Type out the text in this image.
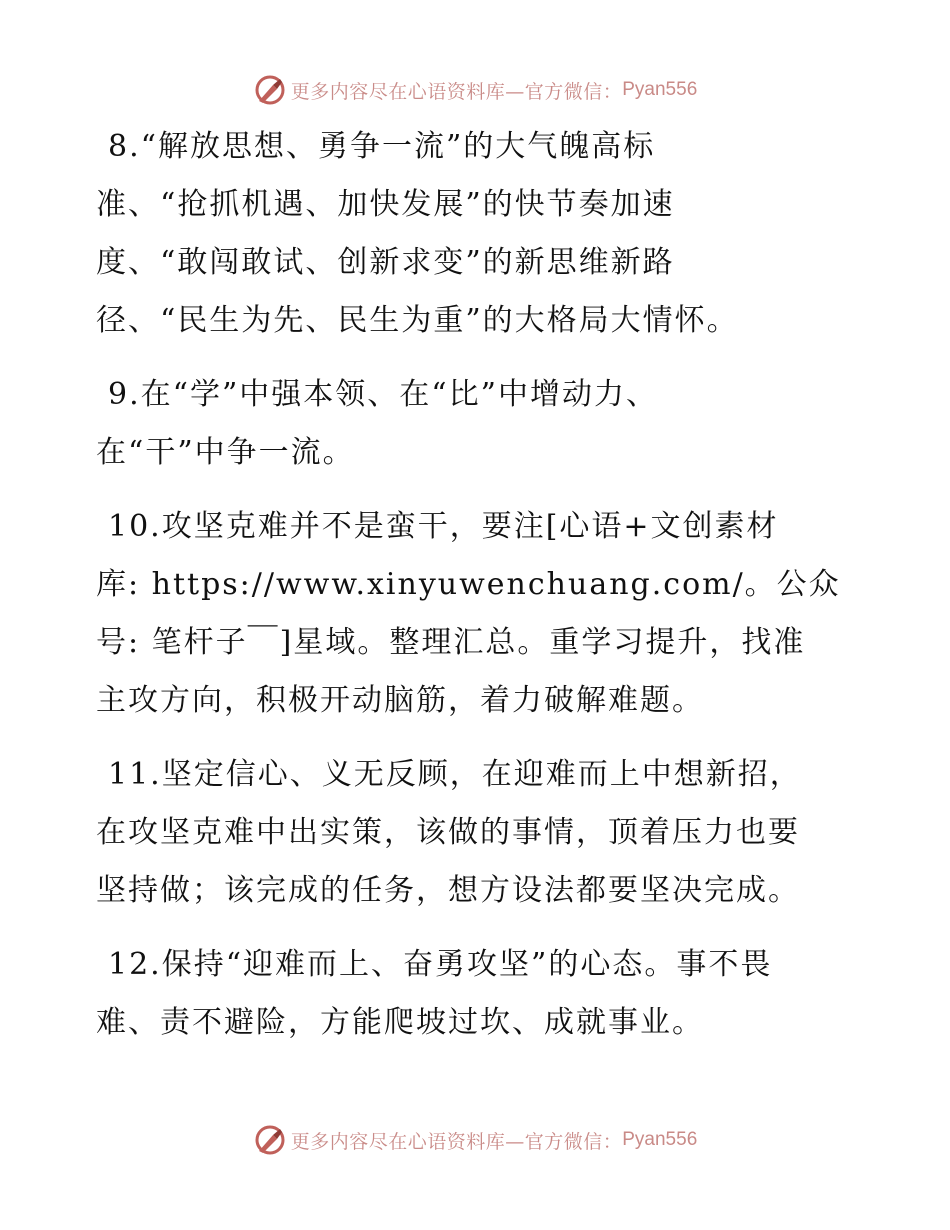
更多内容尽在心语资料库—官方微信： Pyan556
8.“解放思想、勇争一流”的大气魄高标
准、“抢抓机遇、加快发展”的快节奏加速
度、“敢闯敢试、创新求变”的新思维新路
径、“民生为先、民生为重”的大格局大情怀。
9.在“学”中强本领、在“比”中增动力、
在“干”中争一流。
10.攻坚克难并不是蛮干，要注[心语+文创素材
库: https://www.xinyuwenchuang.com/。公众
号: 笔杆子￣]星域。整理汇总。重学习提升，找准
主攻方向，积极开动脑筋，着力破解难题。
11.坚定信心、义无反顾，在迎难而上中想新招，
在攻坚克难中出实策，该做的事情，顶着压力也要
坚持做；该完成的任务，想方设法都要坚决完成。
12.保持“迎难而上、奋勇攻坚”的心态。事不畏
难、责不避险，方能爬坡过坎、成就事业。
更多内容尽在心语资料库—官方微信： Pyan556
